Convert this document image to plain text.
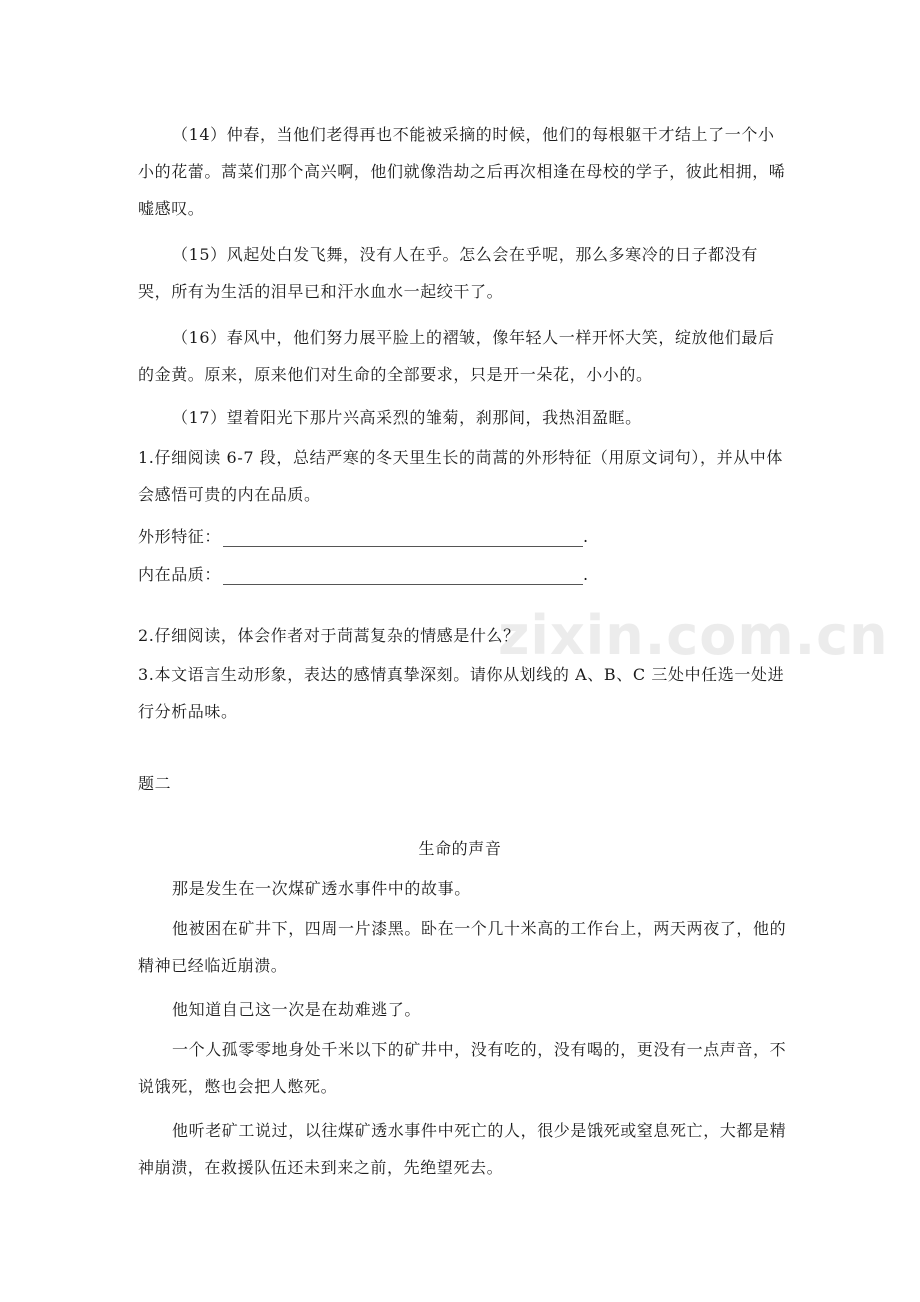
zixin.com.cn

（14）仲春，当他们老得再也不能被采摘的时候，他们的每根躯干才结上了一个小小的花蕾。蒿菜们那个高兴啊，他们就像浩劫之后再次相逢在母校的学子，彼此相拥，唏嘘感叹。

（15）风起处白发飞舞，没有人在乎。怎么会在乎呢，那么多寒冷的日子都没有哭，所有为生活的泪早已和汗水血水一起绞干了。

（16）春风中，他们努力展平脸上的褶皱，像年轻人一样开怀大笑，绽放他们最后的金黄。原来，原来他们对生命的全部要求，只是开一朵花，小小的。

（17）望着阳光下那片兴高采烈的雏菊，刹那间，我热泪盈眶。

1.仔细阅读 6-7 段，总结严寒的冬天里生长的茼蒿的外形特征（用原文词句），并从中体会感悟可贵的内在品质。

外形特征：	.
内在品质：	.
2.仔细阅读，体会作者对于茼蒿复杂的情感是什么？

3.本文语言生动形象，表达的感情真挚深刻。请你从划线的 A、B、C 三处中任选一处进行分析品味。

题二
生命的声音

那是发生在一次煤矿透水事件中的故事。

他被困在矿井下，四周一片漆黑。卧在一个几十米高的工作台上，两天两夜了，他的精神已经临近崩溃。

他知道自己这一次是在劫难逃了。

一个人孤零零地身处千米以下的矿井中，没有吃的，没有喝的，更没有一点声音，不说饿死，憋也会把人憋死。

他听老矿工说过，以往煤矿透水事件中死亡的人，很少是饿死或窒息死亡，大都是精神崩溃，在救援队伍还未到来之前，先绝望死去。
